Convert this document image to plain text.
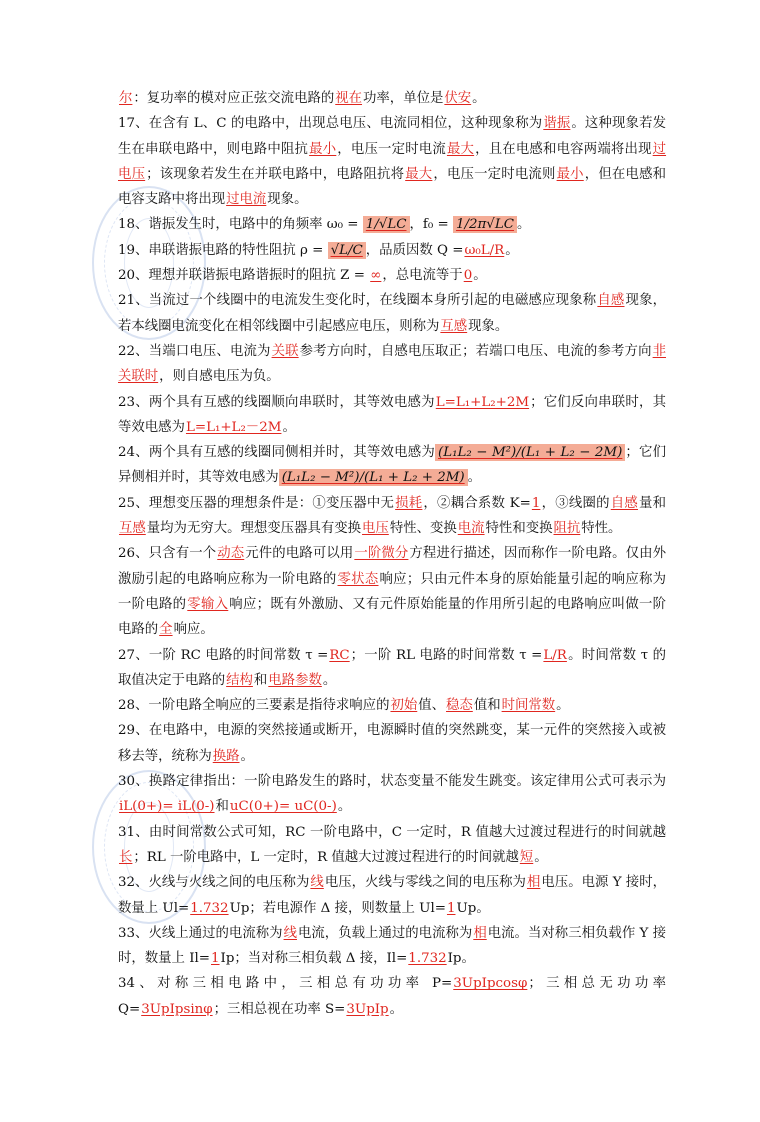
尔：复功率的模对应正弦交流电路的视在功率，单位是伏安。

17、在含有 L、C 的电路中，出现总电压、电流同相位，这种现象称为谐振。这种现象若发生在串联电路中，则电路中阻抗最小，电压一定时电流最大，且在电感和电容两端将出现过电压；该现象若发生在并联电路中，电路阻抗将最大，电压一定时电流则最小，但在电感和电容支路中将出现过电流现象。

18、谐振发生时，电路中的角频率 ω₀ = 1/√LC ，f₀ = 1/2π√LC 。

19、串联谐振电路的特性阻抗 ρ = √L/C ，品质因数 Q =ω₀L/R。

20、理想并联谐振电路谐振时的阻抗 Z = ∞，总电流等于0。

21、当流过一个线圈中的电流发生变化时，在线圈本身所引起的电磁感应现象称自感现象，若本线圈电流变化在相邻线圈中引起感应电压，则称为互感现象。

22、当端口电压、电流为关联参考方向时，自感电压取正；若端口电压、电流的参考方向非关联时，则自感电压为负。

23、两个具有互感的线圈顺向串联时，其等效电感为L=L₁+L₂+2M；它们反向串联时，其等效电感为L=L₁+L₂－2M。

24、两个具有互感的线圈同侧相并时，其等效电感为 (L₁L₂ − M²)/(L₁ + L₂ − 2M) ；它们异侧相并时，其等效电感为 (L₁L₂ − M²)/(L₁ + L₂ + 2M) 。

25、理想变压器的理想条件是：①变压器中无损耗，②耦合系数 K=1，③线圈的自感量和互感量均为无穷大。理想变压器具有变换电压特性、变换电流特性和变换阻抗特性。

26、只含有一个动态元件的电路可以用一阶微分方程进行描述，因而称作一阶电路。仅由外激励引起的电路响应称为一阶电路的零状态响应；只由元件本身的原始能量引起的响应称为一阶电路的零输入响应；既有外激励、又有元件原始能量的作用所引起的电路响应叫做一阶电路的全响应。

27、一阶 RC 电路的时间常数 τ =RC；一阶 RL 电路的时间常数 τ =L/R。时间常数 τ 的取值决定于电路的结构和电路参数。

28、一阶电路全响应的三要素是指待求响应的初始值、稳态值和时间常数。

29、在电路中，电源的突然接通或断开，电源瞬时值的突然跳变，某一元件的突然接入或被移去等，统称为换路。

30、换路定律指出：一阶电路发生的路时，状态变量不能发生跳变。该定律用公式可表示为iL(0+)= iL(0-)和uC(0+)= uC(0-)。

31、由时间常数公式可知，RC 一阶电路中，C 一定时，R 值越大过渡过程进行的时间就越长；RL 一阶电路中，L 一定时，R 值越大过渡过程进行的时间就越短。

32、火线与火线之间的电压称为线电压，火线与零线之间的电压称为相电压。电源 Y 接时，数量上 Ul=1.732Up；若电源作 Δ 接，则数量上 Ul=1Up。

33、火线上通过的电流称为线电流，负载上通过的电流称为相电流。当对称三相负载作 Y 接时，数量上 Il=1Ip；当对称三相负载 Δ 接，Il=1.732Ip。

34、对称三相电路中，三相总有功功率 P=3UpIpcosφ；三相总无功功率 Q=3UpIpsinφ；三相总视在功率 S=3UpIp。
